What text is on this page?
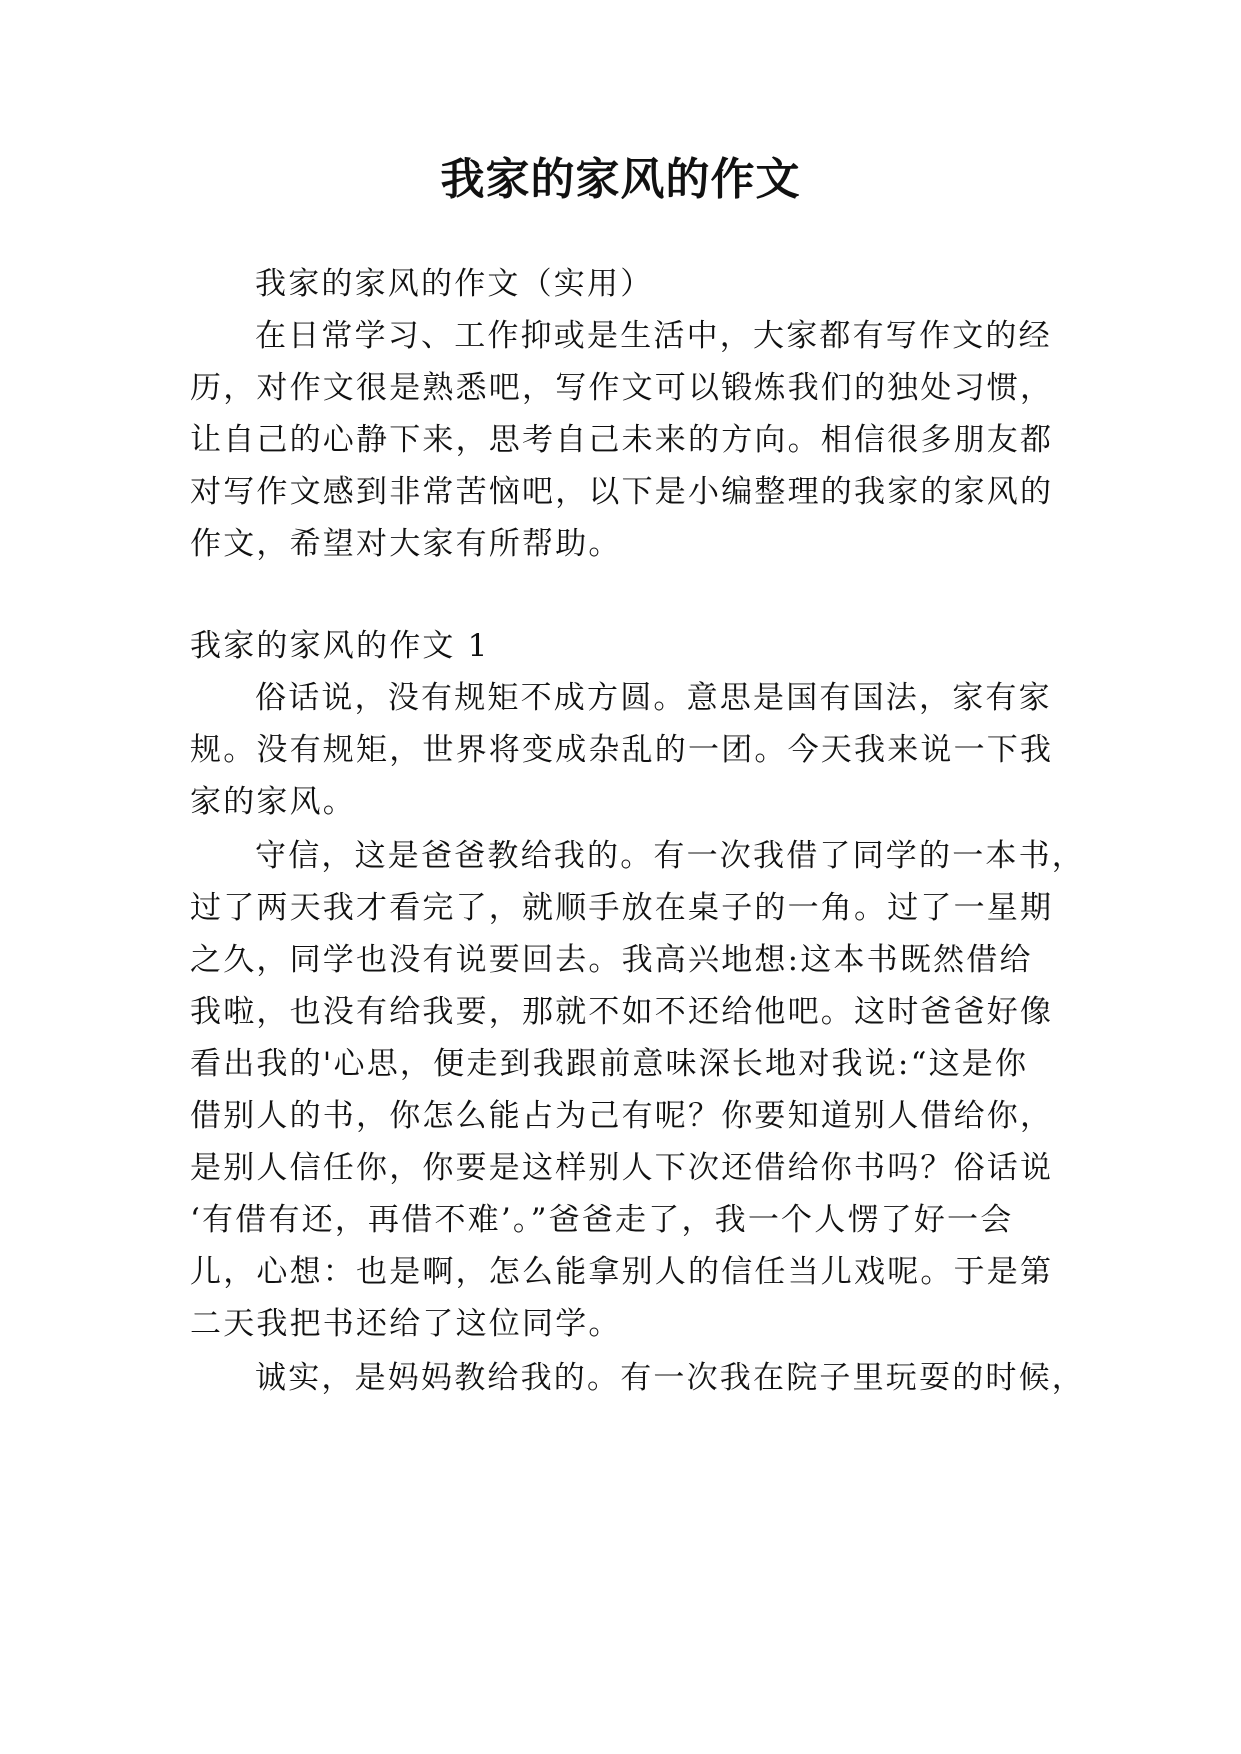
我家的家风的作文
我家的家风的作文（实用）
在日常学习、工作抑或是生活中，大家都有写作文的经
历，对作文很是熟悉吧，写作文可以锻炼我们的独处习惯，
让自己的心静下来，思考自己未来的方向。相信很多朋友都
对写作文感到非常苦恼吧，以下是小编整理的我家的家风的
作文，希望对大家有所帮助。
我家的家风的作文 1
俗话说，没有规矩不成方圆。意思是国有国法，家有家
规。没有规矩，世界将变成杂乱的一团。今天我来说一下我
家的家风。
守信，这是爸爸教给我的。有一次我借了同学的一本书，
过了两天我才看完了，就顺手放在桌子的一角。过了一星期
之久，同学也没有说要回去。我高兴地想:这本书既然借给
我啦，也没有给我要，那就不如不还给他吧。这时爸爸好像
看出我的'心思，便走到我跟前意味深长地对我说:“这是你
借别人的书，你怎么能占为己有呢？你要知道别人借给你，
是别人信任你，你要是这样别人下次还借给你书吗？俗话说
‘有借有还，再借不难’。”爸爸走了，我一个人愣了好一会
儿，心想：也是啊，怎么能拿别人的信任当儿戏呢。于是第
二天我把书还给了这位同学。
诚实，是妈妈教给我的。有一次我在院子里玩耍的时候，
